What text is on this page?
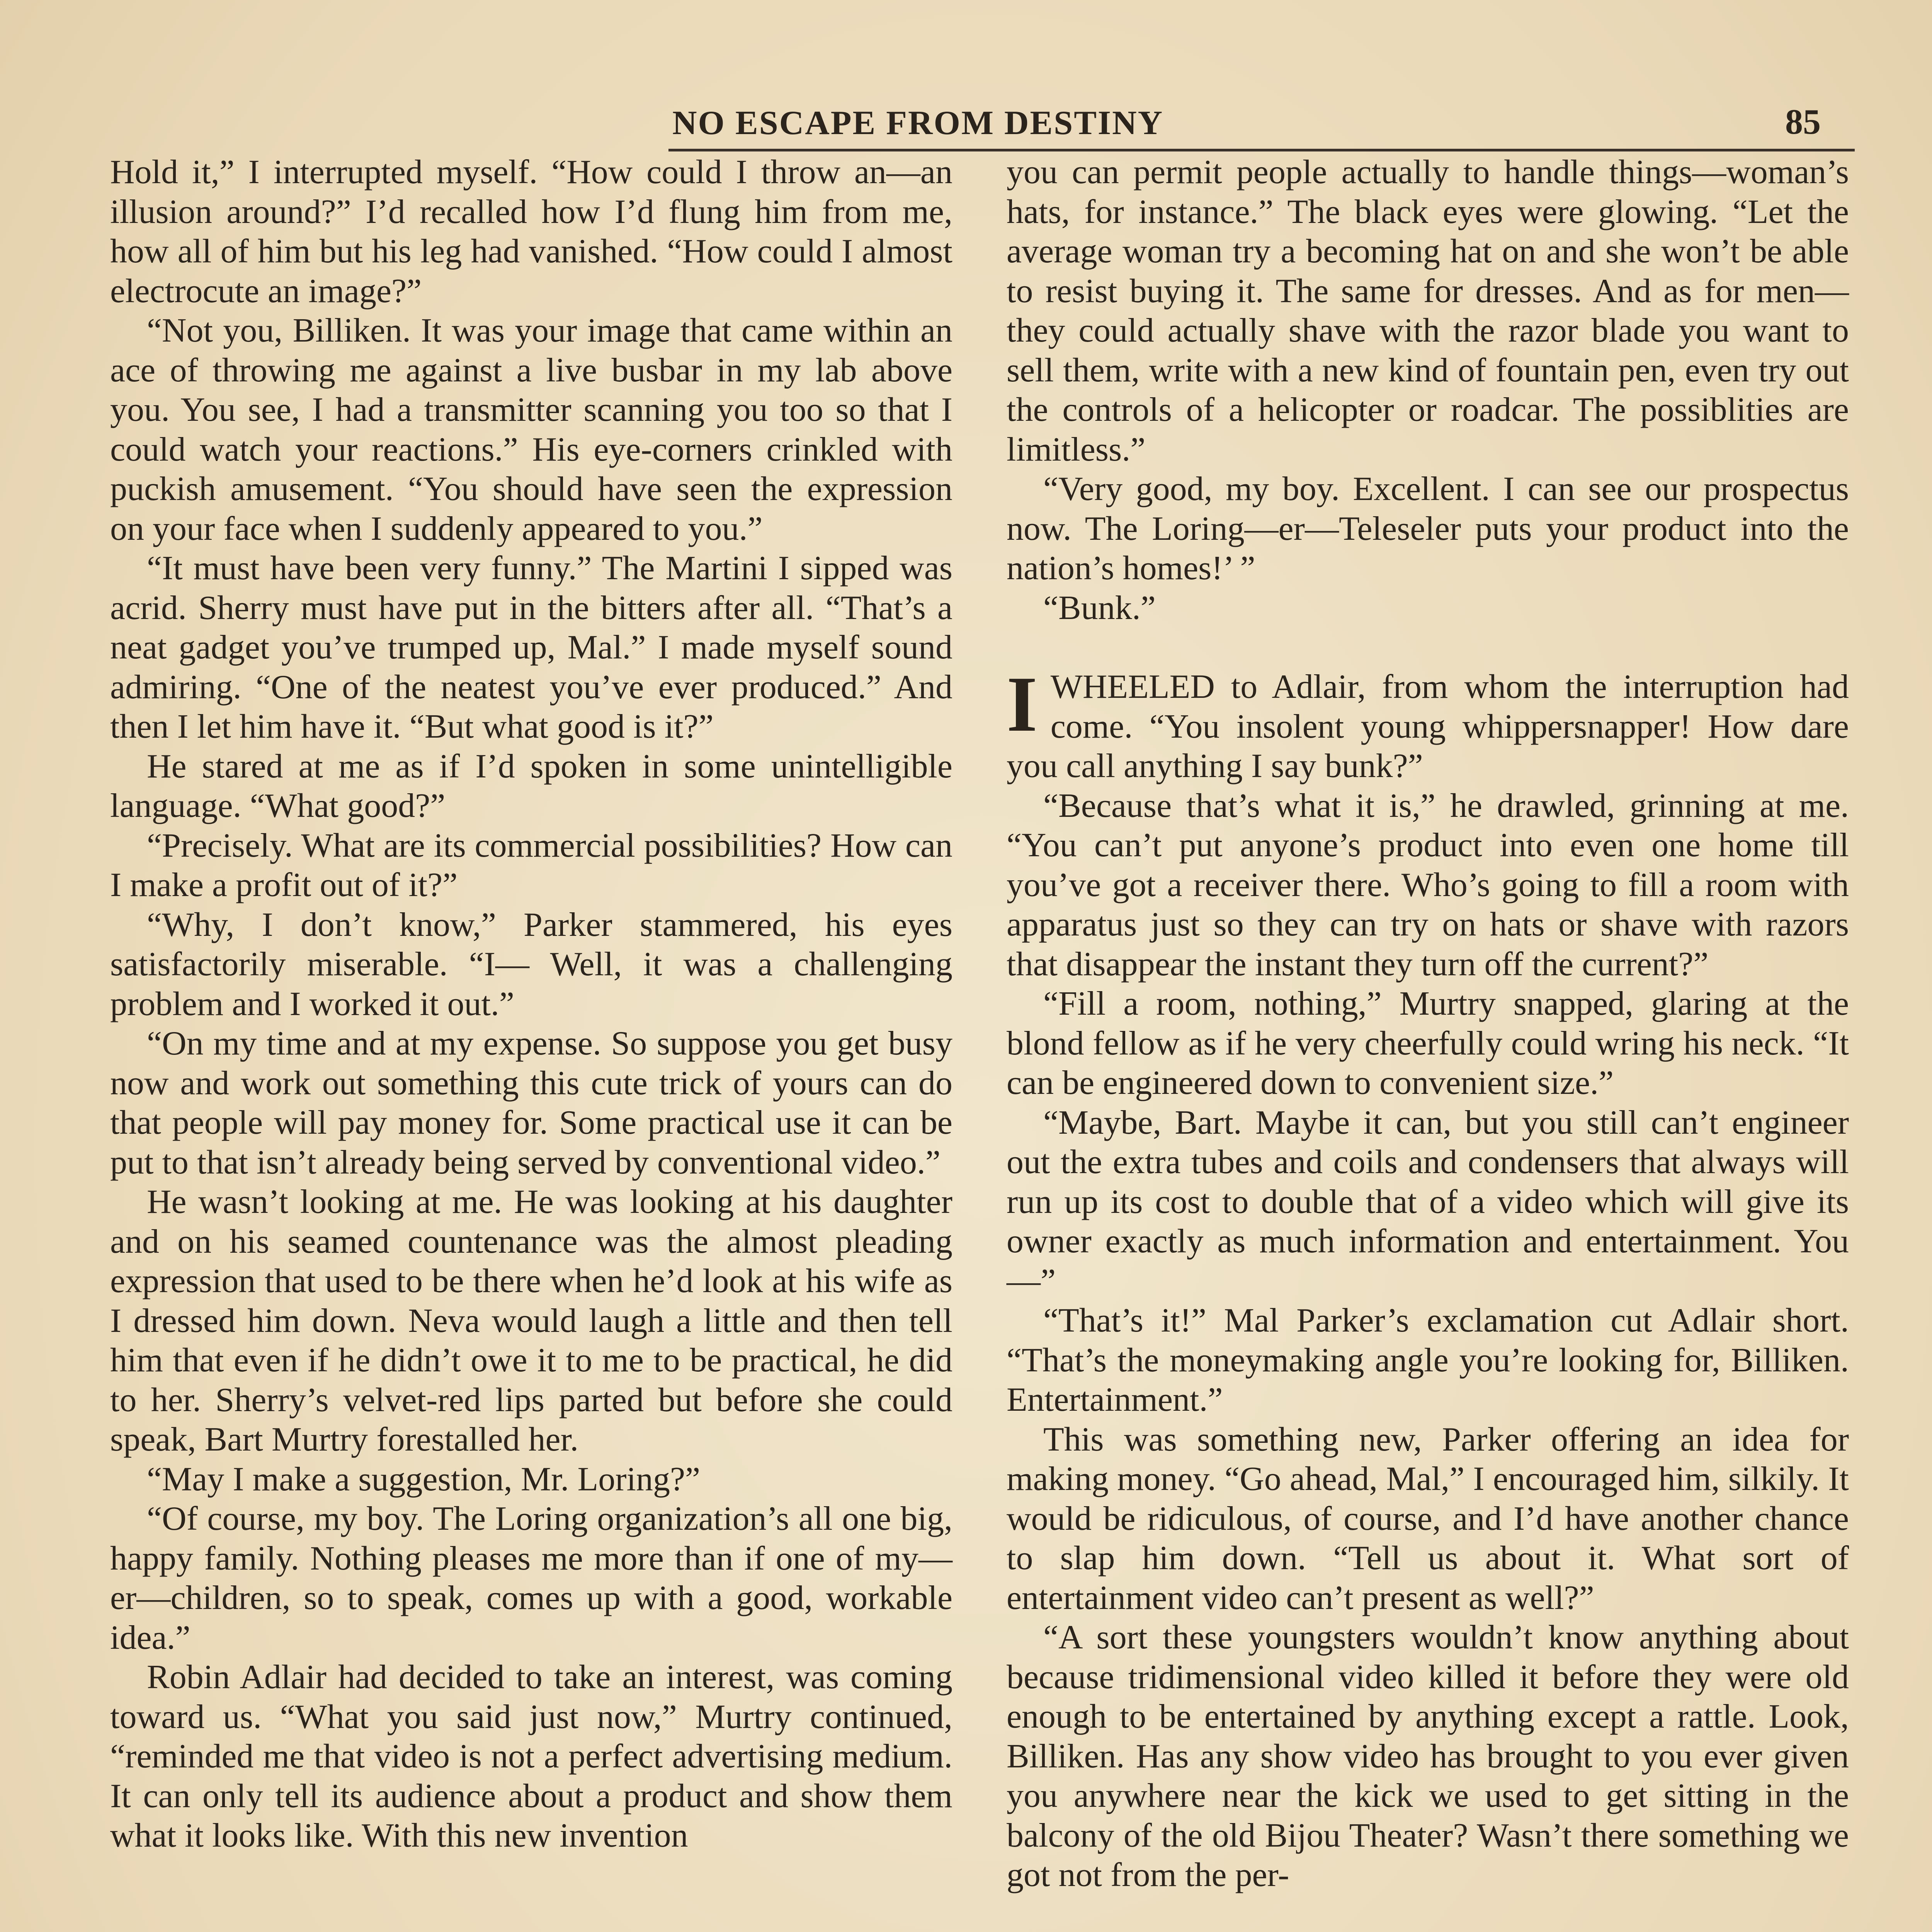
NO ESCAPE FROM DESTINY	85

Hold it,” I interrupted myself. “How could I throw an—an illusion around?” I’d recalled how I’d flung him from me, how all of him but his leg had vanished. “How could I almost electrocute an image?”

“Not you, Billiken. It was your image that came within an ace of throwing me against a live busbar in my lab above you. You see, I had a transmitter scanning you too so that I could watch your reactions.” His eye-corners crinkled with puckish amusement. “You should have seen the expression on your face when I suddenly appeared to you.”

“It must have been very funny.” The Martini I sipped was acrid. Sherry must have put in the bitters after all. “That’s a neat gadget you’ve trumped up, Mal.” I made myself sound admiring. “One of the neatest you’ve ever produced.” And then I let him have it. “But what good is it?”

He stared at me as if I’d spoken in some unintelligible language. “What good?”

“Precisely. What are its commercial possibilities? How can I make a profit out of it?”

“Why, I don’t know,” Parker stammered, his eyes satisfactorily miserable. “I— Well, it was a challenging problem and I worked it out.”

“On my time and at my expense. So suppose you get busy now and work out something this cute trick of yours can do that people will pay money for. Some practical use it can be put to that isn’t already being served by conventional video.”

He wasn’t looking at me. He was looking at his daughter and on his seamed countenance was the almost pleading expression that used to be there when he’d look at his wife as I dressed him down. Neva would laugh a little and then tell him that even if he didn’t owe it to me to be practical, he did to her. Sherry’s velvet-red lips parted but before she could speak, Bart Murtry forestalled her.

“May I make a suggestion, Mr. Loring?”

“Of course, my boy. The Loring organization’s all one big, happy family. Nothing pleases me more than if one of my—er—children, so to speak, comes up with a good, workable idea.”

Robin Adlair had decided to take an interest, was coming toward us. “What you said just now,” Murtry continued, “reminded me that video is not a perfect advertising medium. It can only tell its audience about a product and show them what it looks like. With this new invention

you can permit people actually to handle things—woman’s hats, for instance.” The black eyes were glowing. “Let the average woman try a becoming hat on and she won’t be able to resist buying it. The same for dresses. And as for men—they could actually shave with the razor blade you want to sell them, write with a new kind of fountain pen, even try out the controls of a helicopter or roadcar. The possiblities are limitless.”

“Very good, my boy. Excellent. I can see our prospectus now. The Loring—er—Teleseler puts your product into the nation’s homes!’ ”

“Bunk.”

IWHEELED to Adlair, from whom the interruption had come. “You insolent young whippersnapper! How dare you call anything I say bunk?”

“Because that’s what it is,” he drawled, grinning at me. “You can’t put anyone’s product into even one home till you’ve got a receiver there. Who’s going to fill a room with apparatus just so they can try on hats or shave with razors that disappear the instant they turn off the current?”

“Fill a room, nothing,” Murtry snapped, glaring at the blond fellow as if he very cheerfully could wring his neck. “It can be engineered down to convenient size.”

“Maybe, Bart. Maybe it can, but you still can’t engineer out the extra tubes and coils and condensers that always will run up its cost to double that of a video which will give its owner exactly as much information and entertainment. You—”

“That’s it!” Mal Parker’s exclamation cut Adlair short. “That’s the moneymaking angle you’re looking for, Billiken. Entertainment.”

This was something new, Parker offering an idea for making money. “Go ahead, Mal,” I encouraged him, silkily. It would be ridiculous, of course, and I’d have another chance to slap him down. “Tell us about it. What sort of entertainment video can’t present as well?”

“A sort these youngsters wouldn’t know anything about because tridimensional video killed it before they were old enough to be entertained by anything except a rattle. Look, Billiken. Has any show video has brought to you ever given you anywhere near the kick we used to get sitting in the balcony of the old Bijou Theater? Wasn’t there something we got not from the per-
